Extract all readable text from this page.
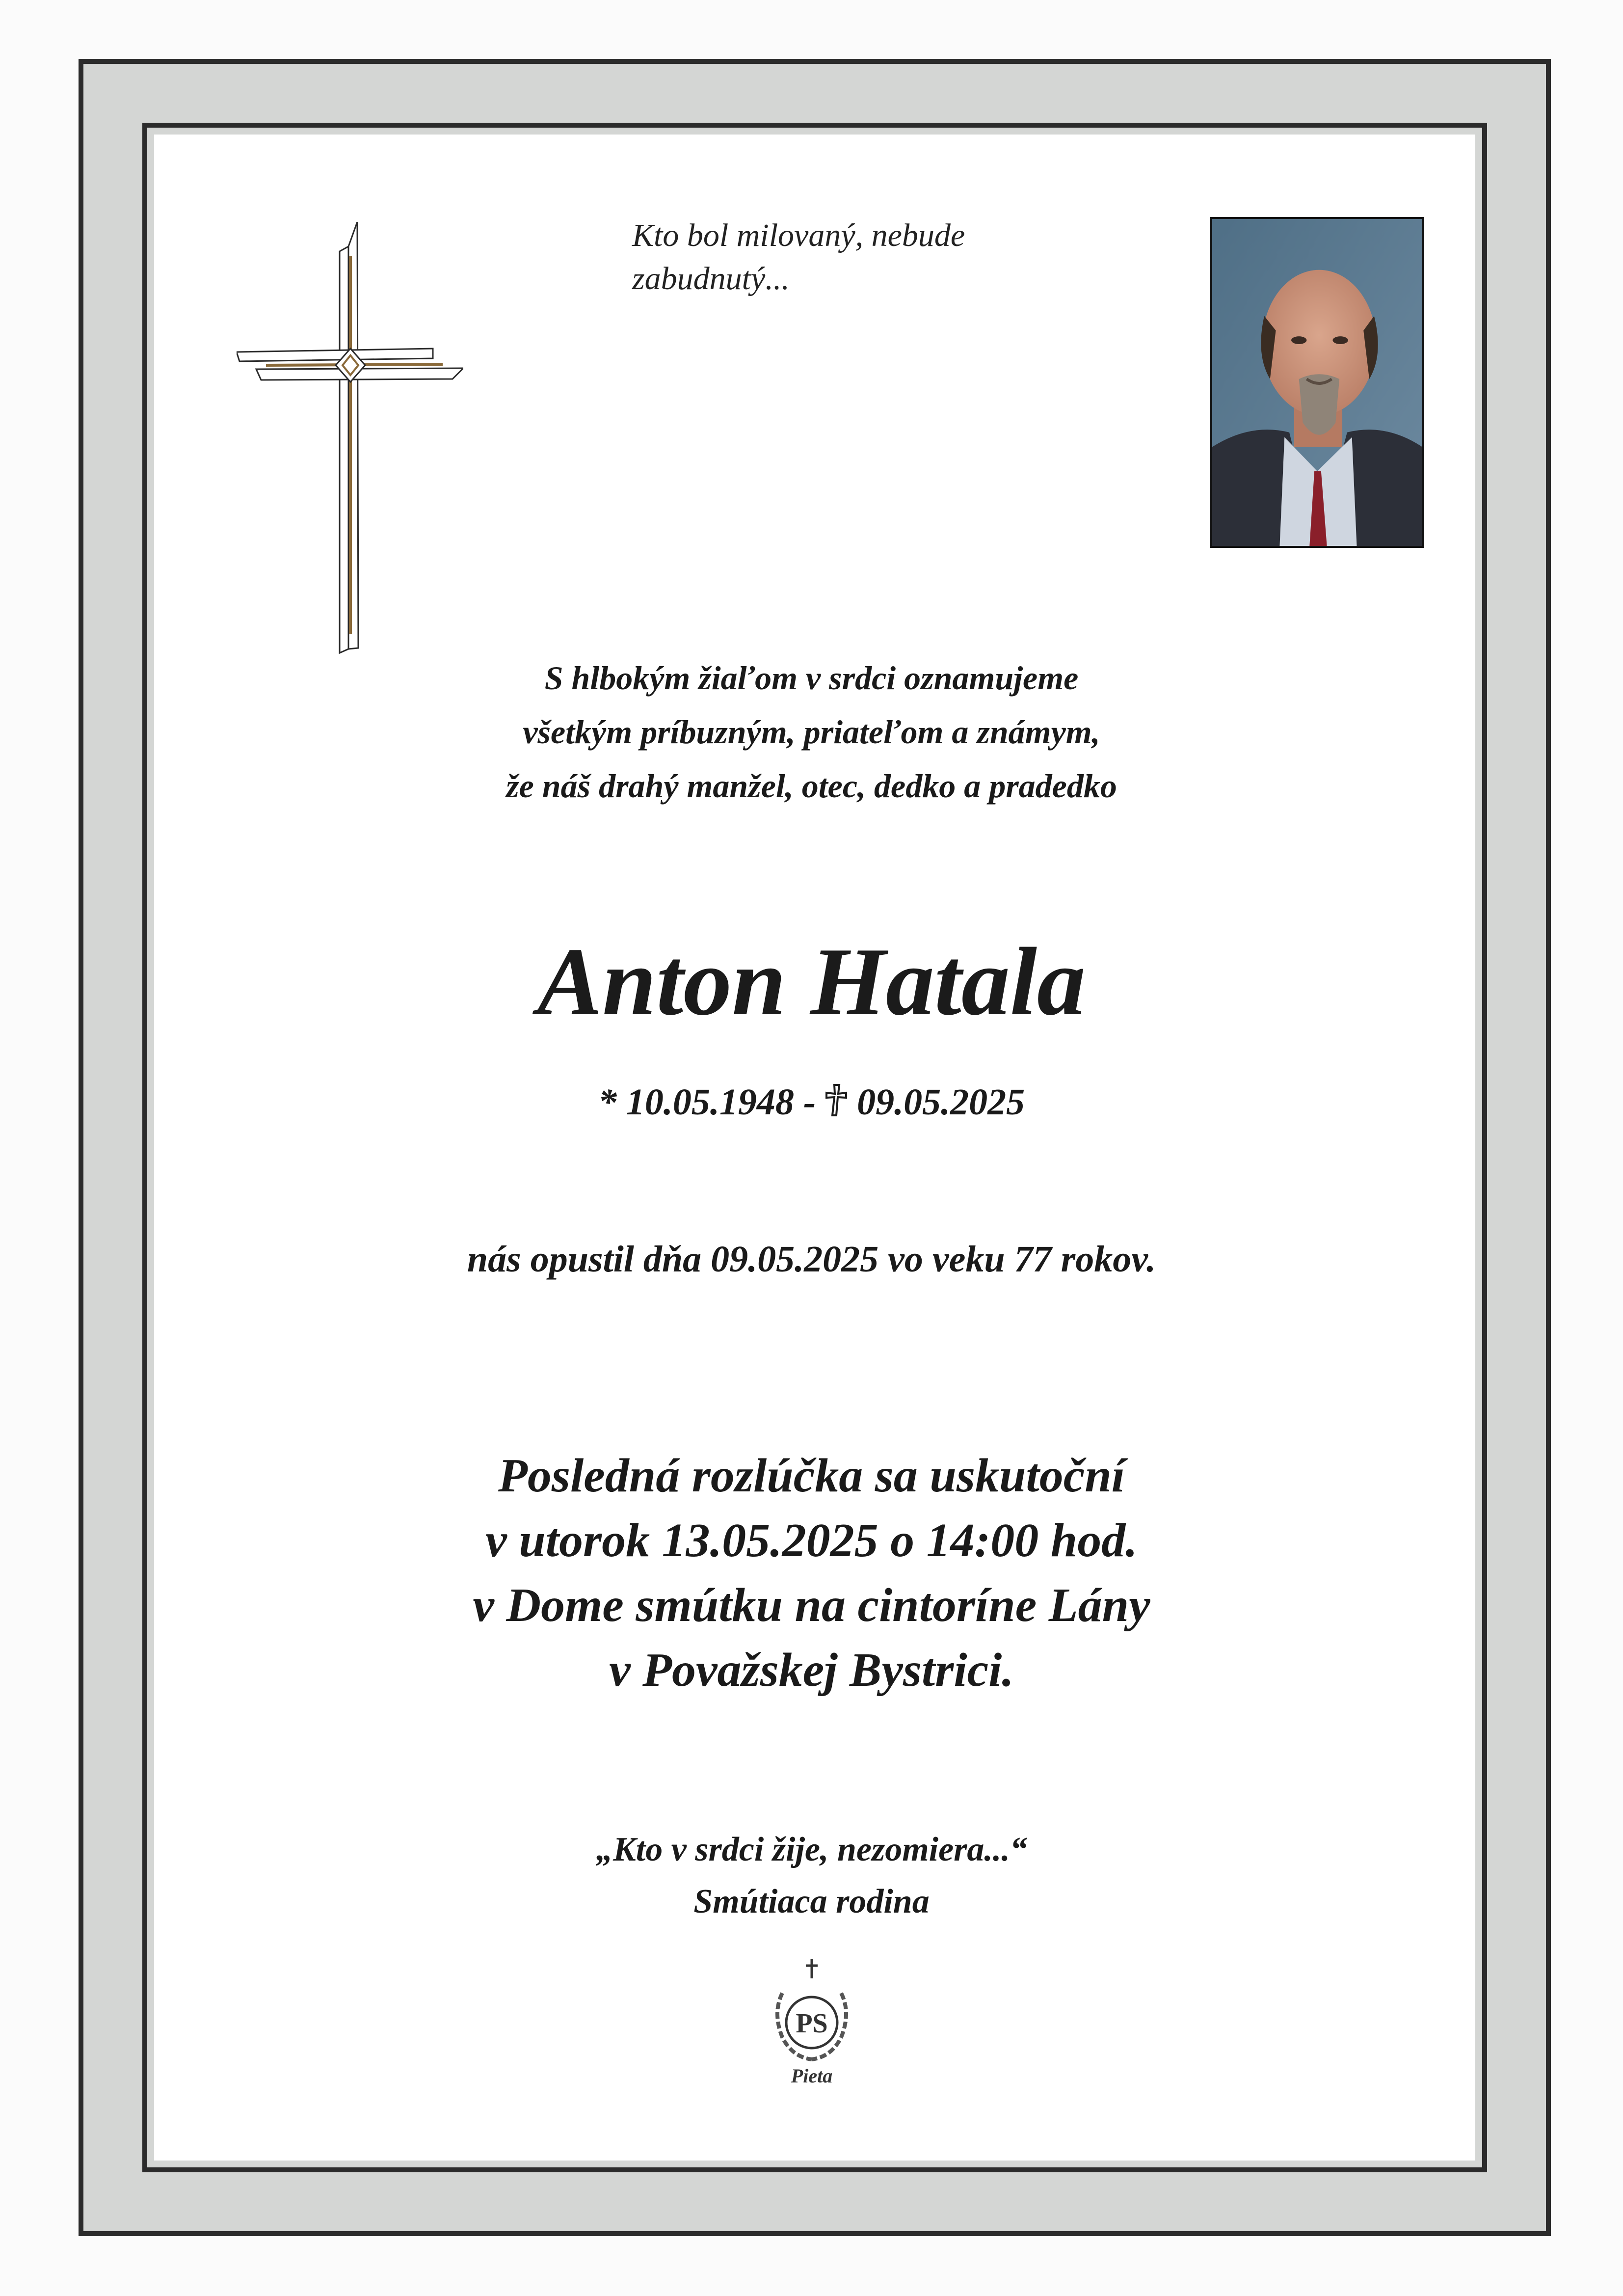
Kto bol milovaný, nebude
zabudnutý...
S hlbokým žiaľom v srdci oznamujeme
všetkým príbuzným, priateľom a známym,
že náš drahý manžel, otec, dedko a pradedko
Anton Hatala
* 10.05.1948 - 09.05.2025
nás opustil dňa 09.05.2025 vo veku 77 rokov.
Posledná rozlúčka sa uskutoční
v utorok 13.05.2025 o 14:00 hod.
v Dome smútku na cintoríne Lány
v Považskej Bystrici.
„Kto v srdci žije, nezomiera...“
Smútiaca rodina
PS
Pieta
